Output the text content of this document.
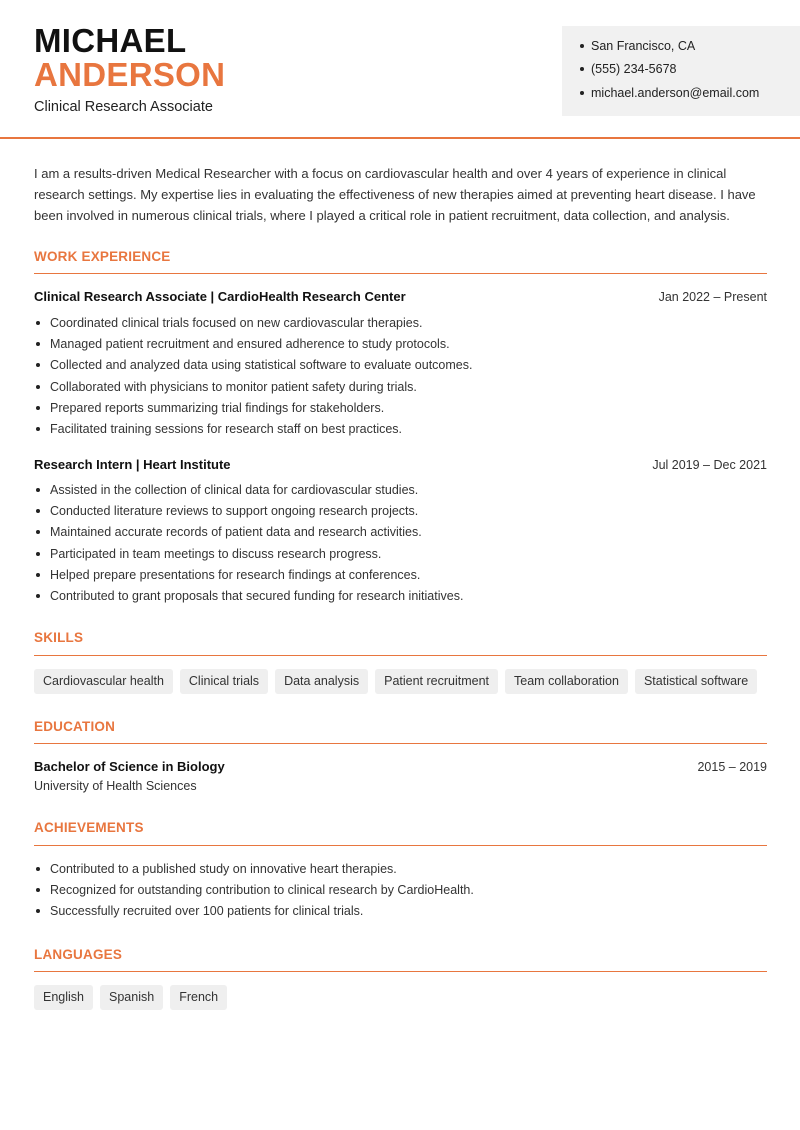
MICHAEL
ANDERSON
Clinical Research Associate
San Francisco, CA
(555) 234-5678
michael.anderson@email.com

I am a results-driven Medical Researcher with a focus on cardiovascular health and over 4 years of experience in clinical research settings. My expertise lies in evaluating the effectiveness of new therapies aimed at preventing heart disease. I have been involved in numerous clinical trials, where I played a critical role in patient recruitment, data collection, and analysis.

WORK EXPERIENCE
Clinical Research Associate | CardioHealth Research Center	Jan 2022 – Present
Coordinated clinical trials focused on new cardiovascular therapies.
Managed patient recruitment and ensured adherence to study protocols.
Collected and analyzed data using statistical software to evaluate outcomes.
Collaborated with physicians to monitor patient safety during trials.
Prepared reports summarizing trial findings for stakeholders.
Facilitated training sessions for research staff on best practices.
Research Intern | Heart Institute	Jul 2019 – Dec 2021
Assisted in the collection of clinical data for cardiovascular studies.
Conducted literature reviews to support ongoing research projects.
Maintained accurate records of patient data and research activities.
Participated in team meetings to discuss research progress.
Helped prepare presentations for research findings at conferences.
Contributed to grant proposals that secured funding for research initiatives.
SKILLS
Cardiovascular health	Clinical trials	Data analysis	Patient recruitment	Team collaboration	Statistical software
EDUCATION
Bachelor of Science in Biology	2015 – 2019
University of Health Sciences
ACHIEVEMENTS
Contributed to a published study on innovative heart therapies.
Recognized for outstanding contribution to clinical research by CardioHealth.
Successfully recruited over 100 patients for clinical trials.
LANGUAGES
English	Spanish	French
